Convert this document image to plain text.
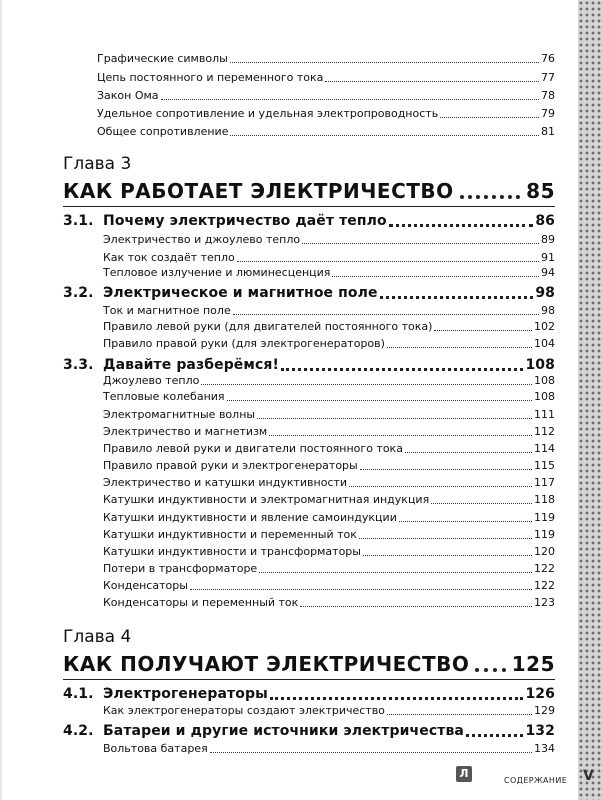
Графические символы	76
Цепь постоянного и переменного тока	77
Закон Ома	78
Удельное сопротивление и удельная электропроводность	79
Общее сопротивление	81
Глава 3
КАК РАБОТАЕТ ЭЛЕКТРИЧЕСТВО	85
3.1. Почему электричество даёт тепло	86
Электричество и джоулево тепло	89
Как ток создаёт тепло	91
Тепловое излучение и люминесценция	94
3.2. Электрическое и магнитное поле	98
Ток и магнитное поле	98
Правило левой руки (для двигателей постоянного тока)	102
Правило правой руки (для электрогенераторов)	104
3.3. Давайте разберёмся!	108
Джоулево тепло	108
Тепловые колебания	108
Электромагнитные волны	111
Электричество и магнетизм	112
Правило левой руки и двигатели постоянного тока	114
Правило правой руки и электрогенераторы	115
Электричество и катушки индуктивности	117
Катушки индуктивности и электромагнитная индукция	118
Катушки индуктивности и явление самоиндукции	119
Катушки индуктивности и переменный ток	119
Катушки индуктивности и трансформаторы	120
Потери в трансформаторе	122
Конденсаторы	122
Конденсаторы и переменный ток	123
Глава 4
КАК ПОЛУЧАЮТ ЭЛЕКТРИЧЕСТВО 125
4.1. Электрогенераторы	126
Как электрогенераторы создают электричество	129
4.2. Батареи и другие источники электричества	132
Вольтова батарея	134
Л
СОДЕРЖАНИЕ V
